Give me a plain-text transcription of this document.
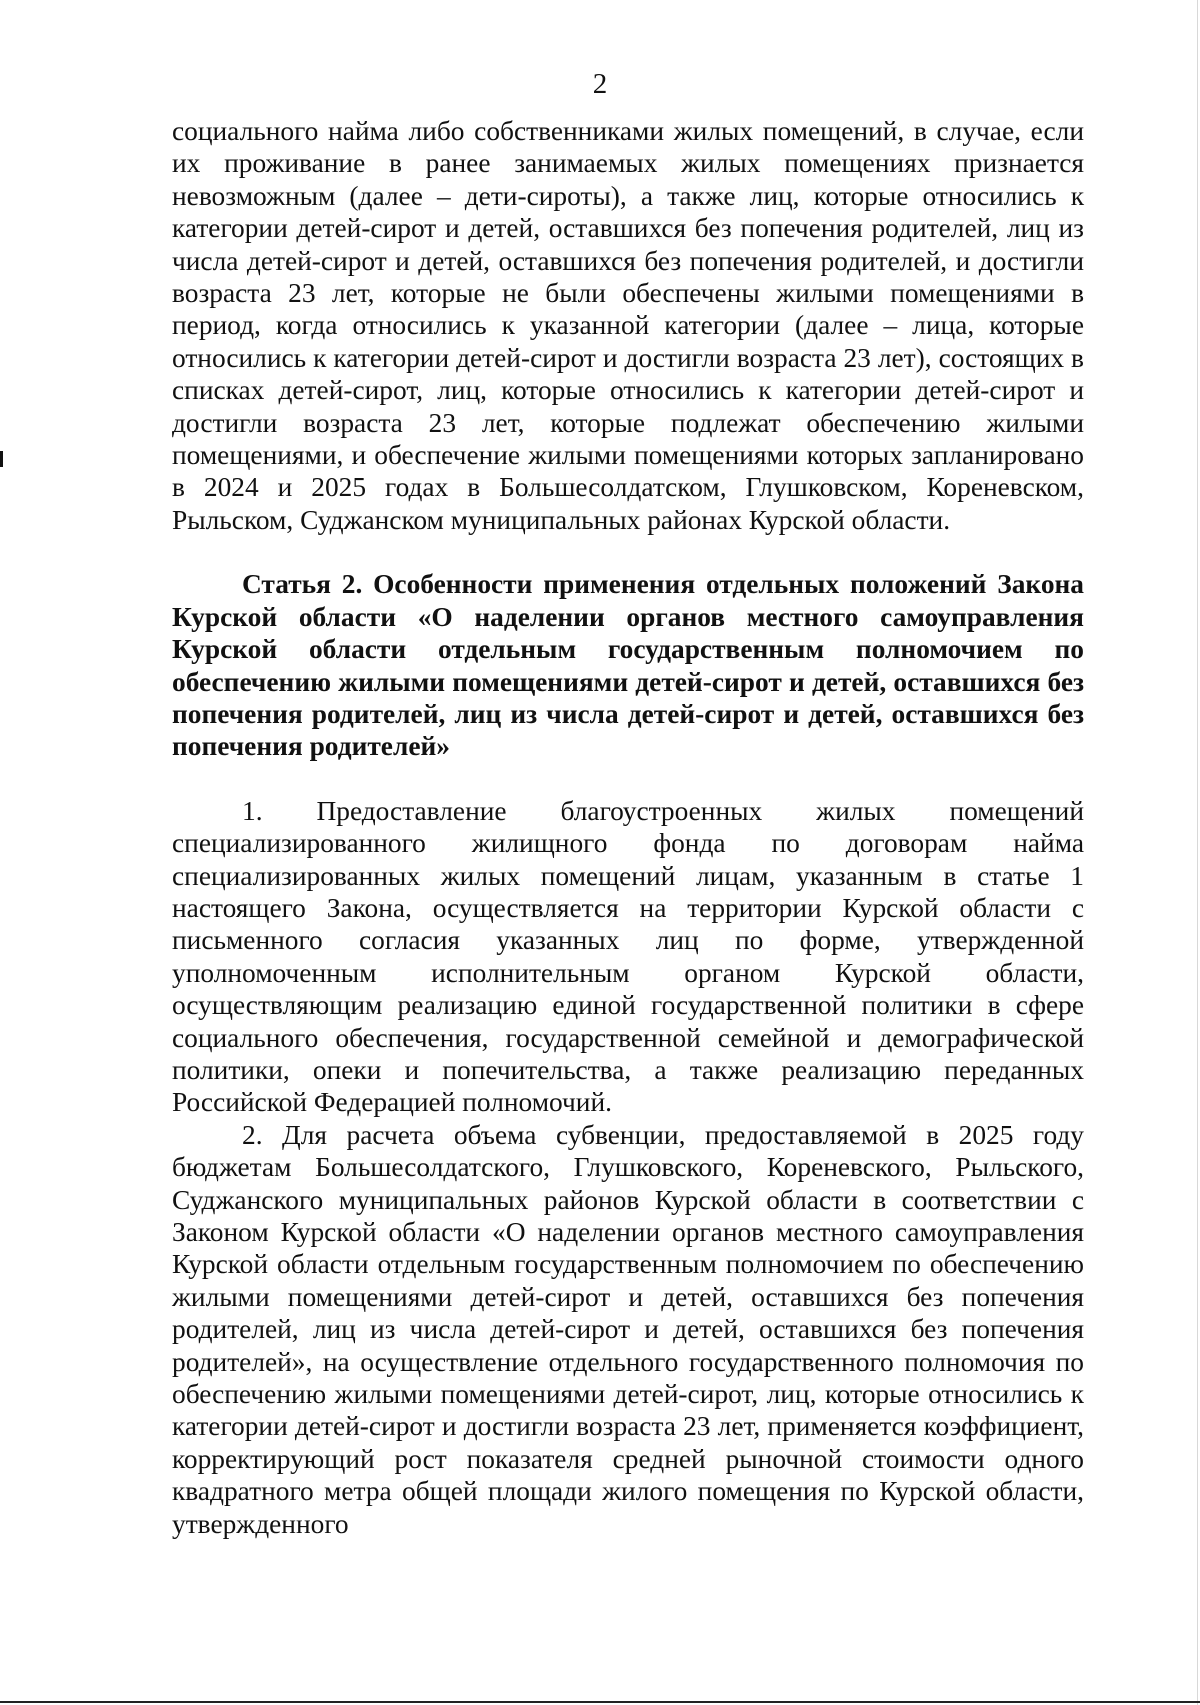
2

социального найма либо собственниками жилых помещений, в случае, если их проживание в ранее занимаемых жилых помещениях признается невозможным (далее – дети-сироты), а также лиц, которые относились к категории детей-сирот и детей, оставшихся без попечения родителей, лиц из числа детей-сирот и детей, оставшихся без попечения родителей, и достигли возраста 23 лет, которые не были обеспечены жилыми помещениями в период, когда относились к указанной категории (далее – лица, которые относились к категории детей-сирот и достигли возраста 23 лет), состоящих в списках детей-сирот, лиц, которые относились к категории детей-сирот и достигли возраста 23 лет, которые подлежат обеспечению жилыми помещениями, и обеспечение жилыми помещениями которых запланировано в 2024 и 2025 годах в Большесолдатском, Глушковском, Кореневском, Рыльском, Суджанском муниципальных районах Курской области.

Статья 2. Особенности применения отдельных положений Закона Курской области «О наделении органов местного самоуправления Курской области отдельным государственным полномочием по обеспечению жилыми помещениями детей-сирот и детей, оставшихся без попечения родителей, лиц из числа детей-сирот и детей, оставшихся без попечения родителей»

1. Предоставление благоустроенных жилых помещений специализированного жилищного фонда по договорам найма специализированных жилых помещений лицам, указанным в статье 1 настоящего Закона, осуществляется на территории Курской области с письменного согласия указанных лиц по форме, утвержденной уполномоченным исполнительным органом Курской области, осуществляющим реализацию единой государственной политики в сфере социального обеспечения, государственной семейной и демографической политики, опеки и попечительства, а также реализацию переданных Российской Федерацией полномочий.

2. Для расчета объема субвенции, предоставляемой в 2025 году бюджетам Большесолдатского, Глушковского, Кореневского, Рыльского, Суджанского муниципальных районов Курской области в соответствии с Законом Курской области «О наделении органов местного самоуправления Курской области отдельным государственным полномочием по обеспечению жилыми помещениями детей-сирот и детей, оставшихся без попечения родителей, лиц из числа детей-сирот и детей, оставшихся без попечения родителей», на осуществление отдельного государственного полномочия по обеспечению жилыми помещениями детей-сирот, лиц, которые относились к категории детей-сирот и достигли возраста 23 лет, применяется коэффициент, корректирующий рост показателя средней рыночной стоимости одного квадратного метра общей площади жилого помещения по Курской области, утвержденного
